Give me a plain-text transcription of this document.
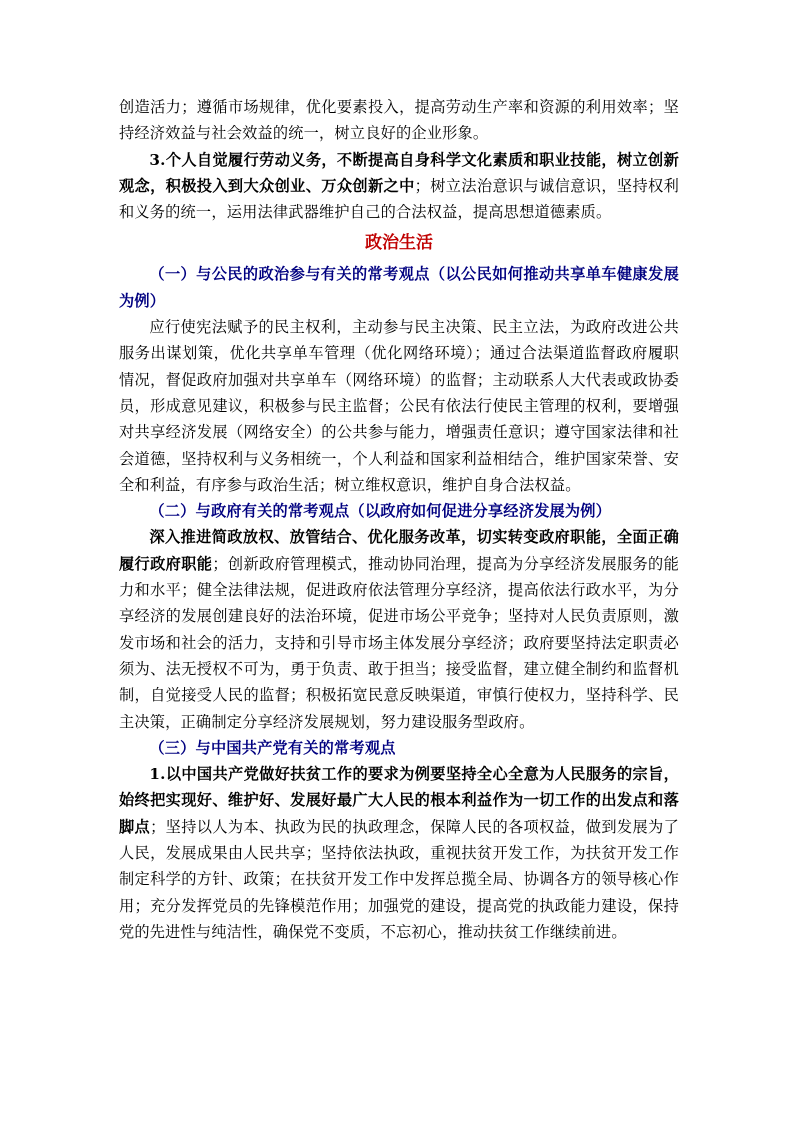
创造活力；遵循市场规律，优化要素投入，提高劳动生产率和资源的利用效率；坚持经济效益与社会效益的统一，树立良好的企业形象。

3.个人自觉履行劳动义务，不断提高自身科学文化素质和职业技能，树立创新观念，积极投入到大众创业、万众创新之中；树立法治意识与诚信意识，坚持权利和义务的统一，运用法律武器维护自己的合法权益，提高思想道德素质。

政治生活

（一）与公民的政治参与有关的常考观点（以公民如何推动共享单车健康发展为例）

应行使宪法赋予的民主权利，主动参与民主决策、民主立法，为政府改进公共服务出谋划策，优化共享单车管理（优化网络环境）；通过合法渠道监督政府履职情况，督促政府加强对共享单车（网络环境）的监督；主动联系人大代表或政协委员，形成意见建议，积极参与民主监督；公民有依法行使民主管理的权利，要增强对共享经济发展（网络安全）的公共参与能力，增强责任意识；遵守国家法律和社会道德，坚持权利与义务相统一，个人利益和国家利益相结合，维护国家荣誉、安全和利益，有序参与政治生活；树立维权意识，维护自身合法权益。

（二）与政府有关的常考观点（以政府如何促进分享经济发展为例）

深入推进简政放权、放管结合、优化服务改革，切实转变政府职能，全面正确履行政府职能；创新政府管理模式，推动协同治理，提高为分享经济发展服务的能力和水平；健全法律法规，促进政府依法管理分享经济，提高依法行政水平，为分享经济的发展创建良好的法治环境，促进市场公平竞争；坚持对人民负责原则，激发市场和社会的活力，支持和引导市场主体发展分享经济；政府要坚持法定职责必须为、法无授权不可为，勇于负责、敢于担当；接受监督，建立健全制约和监督机制，自觉接受人民的监督；积极拓宽民意反映渠道，审慎行使权力，坚持科学、民主决策，正确制定分享经济发展规划，努力建设服务型政府。

（三）与中国共产党有关的常考观点

1.以中国共产党做好扶贫工作的要求为例要坚持全心全意为人民服务的宗旨，始终把实现好、维护好、发展好最广大人民的根本利益作为一切工作的出发点和落脚点；坚持以人为本、执政为民的执政理念，保障人民的各项权益，做到发展为了人民，发展成果由人民共享；坚持依法执政，重视扶贫开发工作，为扶贫开发工作制定科学的方针、政策；在扶贫开发工作中发挥总揽全局、协调各方的领导核心作用；充分发挥党员的先锋模范作用；加强党的建设，提高党的执政能力建设，保持党的先进性与纯洁性，确保党不变质，不忘初心，推动扶贫工作继续前进。
